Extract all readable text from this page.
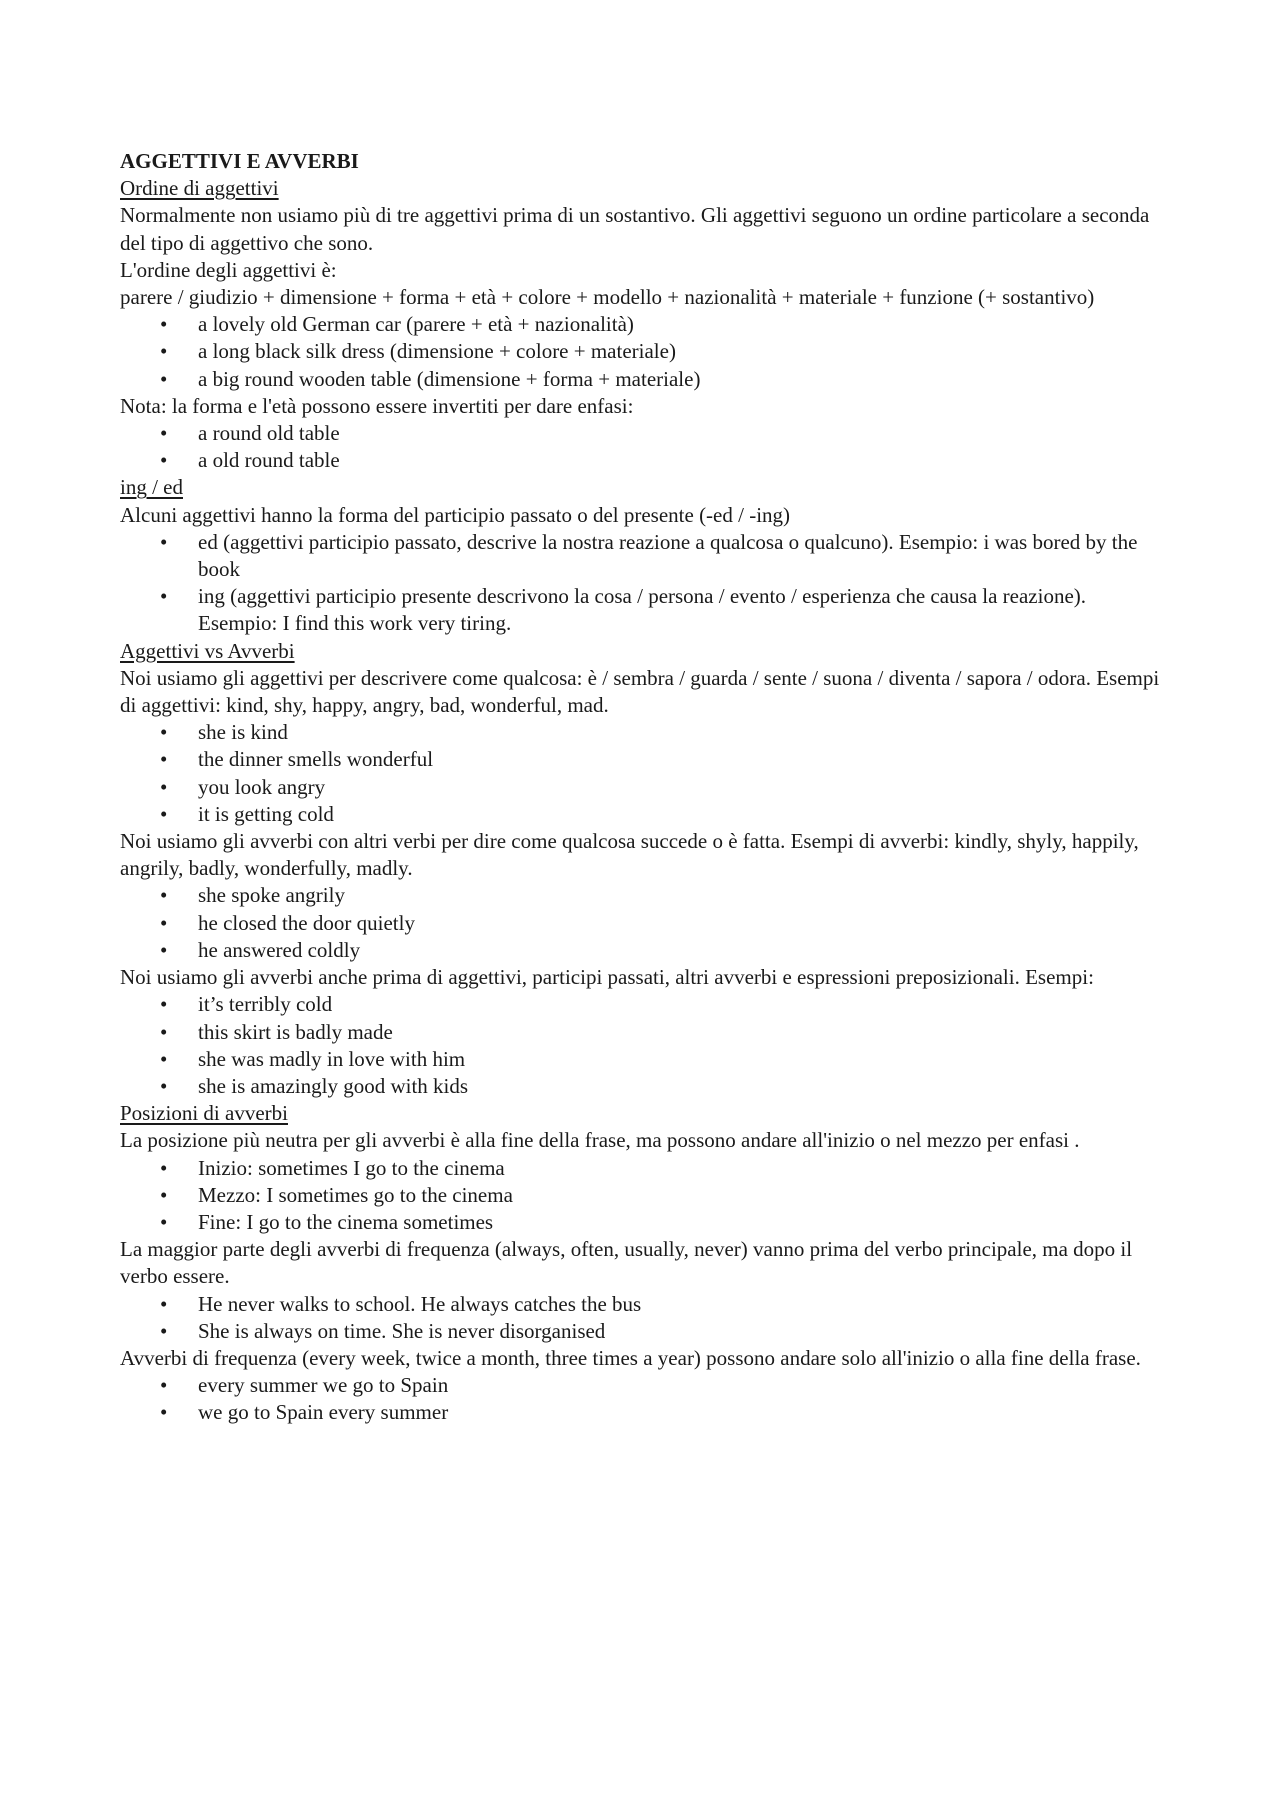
AGGETTIVI E AVVERBI

Ordine di aggettivi

Normalmente non usiamo più di tre aggettivi prima di un sostantivo. Gli aggettivi seguono un ordine particolare a seconda del tipo di aggettivo che sono.

L'ordine degli aggettivi è:

parere / giudizio + dimensione + forma + età + colore + modello + nazionalità + materiale + funzione (+ sostantivo)

• a lovely old German car (parere + età + nazionalità)
• a long black silk dress (dimensione + colore + materiale)
• a big round wooden table (dimensione + forma + materiale)

Nota: la forma e l'età possono essere invertiti per dare enfasi:

• a round old table
• a old round table

ing / ed

Alcuni aggettivi hanno la forma del participio passato o del presente (-ed / -ing)

• ed (aggettivi participio passato, descrive la nostra reazione a qualcosa o qualcuno). Esempio: i was bored by the book
• ing (aggettivi participio presente descrivono la cosa / persona / evento / esperienza che causa la reazione). Esempio: I find this work very tiring.

Aggettivi vs Avverbi

Noi usiamo gli aggettivi per descrivere come qualcosa: è / sembra / guarda / sente / suona / diventa / sapora / odora. Esempi di aggettivi: kind, shy, happy, angry, bad, wonderful, mad.

• she is kind
• the dinner smells wonderful
• you look angry
• it is getting cold

Noi usiamo gli avverbi con altri verbi per dire come qualcosa succede o è fatta. Esempi di avverbi: kindly, shyly, happily, angrily, badly, wonderfully, madly.

• she spoke angrily
• he closed the door quietly
• he answered coldly

Noi usiamo gli avverbi anche prima di aggettivi, participi passati, altri avverbi e espressioni preposizionali. Esempi:

• it’s terribly cold
• this skirt is badly made
• she was madly in love with him
• she is amazingly good with kids

Posizioni di avverbi

La posizione più neutra per gli avverbi è alla fine della frase, ma possono andare all'inizio o nel mezzo per enfasi .

• Inizio: sometimes I go to the cinema
• Mezzo: I sometimes go to the cinema
• Fine: I go to the cinema sometimes

La maggior parte degli avverbi di frequenza (always, often, usually, never) vanno prima del verbo principale, ma dopo il verbo essere.

• He never walks to school. He always catches the bus
• She is always on time. She is never disorganised

Avverbi di frequenza (every week, twice a month, three times a year) possono andare solo all'inizio o alla fine della frase.

• every summer we go to Spain
• we go to Spain every summer
